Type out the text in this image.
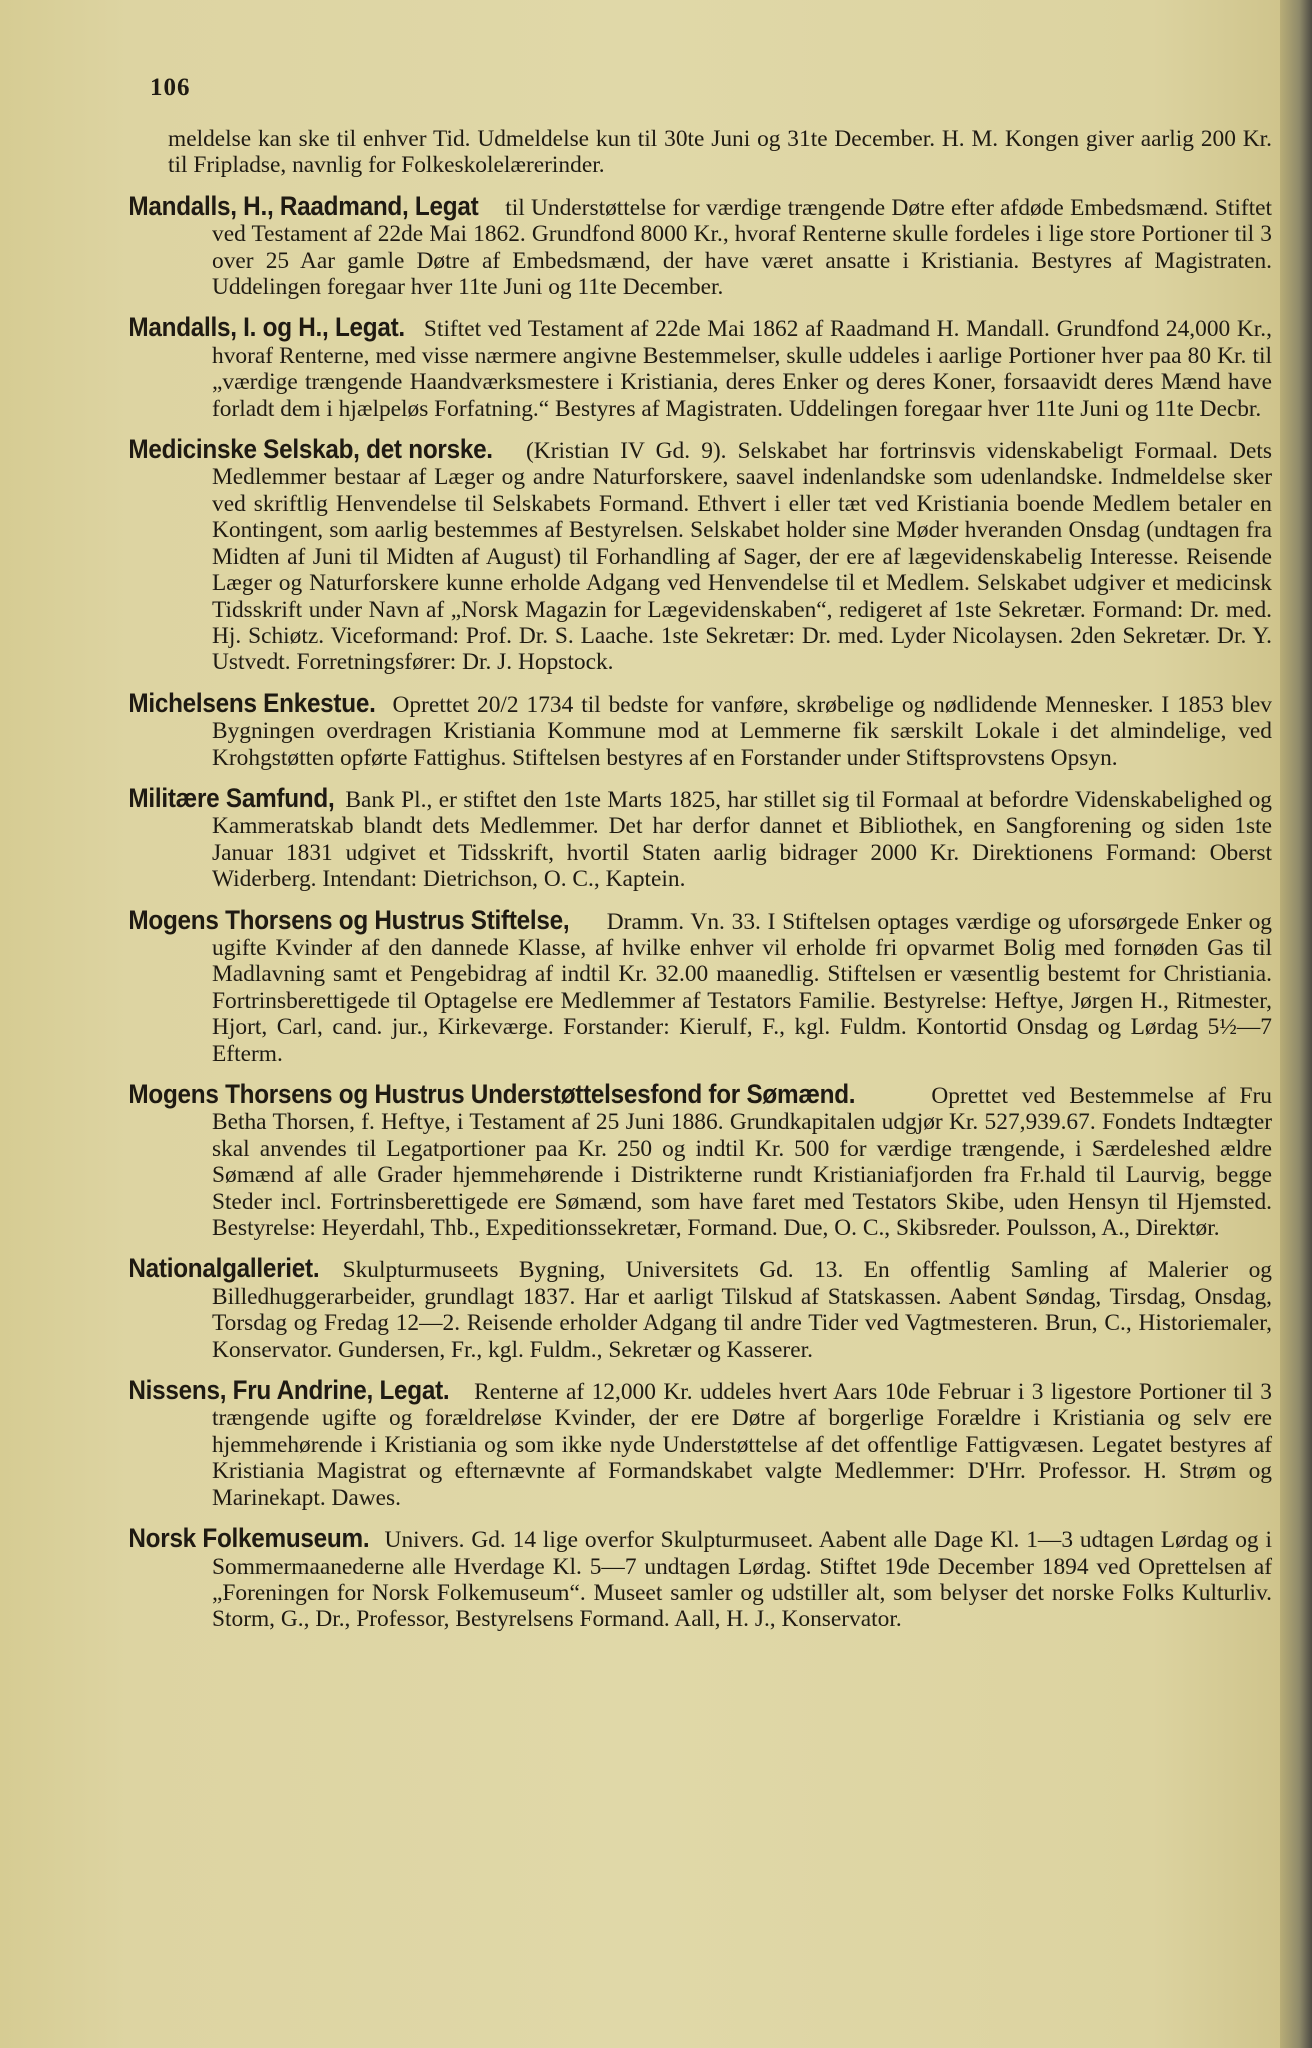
106

meldelse kan ske til enhver Tid. Udmeldelse kun til 30te Juni og 31te December. H. M. Kongen giver aarlig 200 Kr. til Fripladse, navnlig for Folkeskolelærerinder.

Mandalls, H., Raadmand, Legat til Understøttelse for værdige trængende Døtre efter afdøde Embedsmænd. Stiftet ved Testament af 22de Mai 1862. Grundfond 8000 Kr., hvoraf Renterne skulle fordeles i lige store Portioner til 3 over 25 Aar gamle Døtre af Embedsmænd, der have været ansatte i Kristiania. Bestyres af Magistraten. Uddelingen foregaar hver 11te Juni og 11te December.

Mandalls, I. og H., Legat. Stiftet ved Testament af 22de Mai 1862 af Raadmand H. Mandall. Grundfond 24,000 Kr., hvoraf Renterne, med visse nærmere angivne Bestemmelser, skulle uddeles i aarlige Portioner hver paa 80 Kr. til „værdige trængende Haandværksmestere i Kristiania, deres Enker og deres Koner, forsaavidt deres Mænd have forladt dem i hjælpeløs Forfatning.“ Bestyres af Magistraten. Uddelingen foregaar hver 11te Juni og 11te Decbr.

Medicinske Selskab, det norske. (Kristian IV Gd. 9). Selskabet har fortrinsvis videnskabeligt Formaal. Dets Medlemmer bestaar af Læger og andre Naturforskere, saavel indenlandske som udenlandske. Indmeldelse sker ved skriftlig Henvendelse til Selskabets Formand. Ethvert i eller tæt ved Kristiania boende Medlem betaler en Kontingent, som aarlig bestemmes af Bestyrelsen. Selskabet holder sine Møder hveranden Onsdag (undtagen fra Midten af Juni til Midten af August) til Forhandling af Sager, der ere af lægevidenskabelig Interesse. Reisende Læger og Naturforskere kunne erholde Adgang ved Henvendelse til et Medlem. Selskabet udgiver et medicinsk Tidsskrift under Navn af „Norsk Magazin for Lægevidenskaben“, redigeret af 1ste Sekretær. Formand: Dr. med. Hj. Schiøtz. Viceformand: Prof. Dr. S. Laache. 1ste Sekretær: Dr. med. Lyder Nicolaysen. 2den Sekretær. Dr. Y. Ustvedt. Forretningsfører: Dr. J. Hopstock.

Michelsens Enkestue. Oprettet 20/2 1734 til bedste for vanføre, skrøbelige og nødlidende Mennesker. I 1853 blev Bygningen overdragen Kristiania Kommune mod at Lemmerne fik særskilt Lokale i det almindelige, ved Krohgstøtten opførte Fattighus. Stiftelsen bestyres af en Forstander under Stiftsprovstens Opsyn.

Militære Samfund, Bank Pl., er stiftet den 1ste Marts 1825, har stillet sig til Formaal at befordre Videnskabelighed og Kammeratskab blandt dets Medlemmer. Det har derfor dannet et Bibliothek, en Sangforening og siden 1ste Januar 1831 udgivet et Tidsskrift, hvortil Staten aarlig bidrager 2000 Kr. Direktionens Formand: Oberst Widerberg. Intendant: Dietrichson, O. C., Kaptein.

Mogens Thorsens og Hustrus Stiftelse, Dramm. Vn. 33. I Stiftelsen optages værdige og uforsørgede Enker og ugifte Kvinder af den dannede Klasse, af hvilke enhver vil erholde fri opvarmet Bolig med fornøden Gas til Madlavning samt et Pengebidrag af indtil Kr. 32.00 maanedlig. Stiftelsen er væsentlig bestemt for Christiania. Fortrinsberettigede til Optagelse ere Medlemmer af Testators Familie. Bestyrelse: Heftye, Jørgen H., Ritmester, Hjort, Carl, cand. jur., Kirkeværge. Forstander: Kierulf, F., kgl. Fuldm. Kontortid Onsdag og Lørdag 5½—7 Efterm.

Mogens Thorsens og Hustrus Understøttelsesfond for Sømænd.	Oprettet ved Bestemmelse af Fru Betha Thorsen, f. Heftye, i Testament af 25 Juni 1886. Grundkapitalen udgjør Kr. 527,939.67. Fondets Indtægter skal anvendes til Legatportioner paa Kr. 250 og indtil Kr. 500 for værdige trængende, i Særdeleshed ældre Sømænd af alle Grader hjemmehørende i Distrikterne rundt Kristianiafjorden fra Fr.hald til Laurvig, begge Steder incl. Fortrinsberettigede ere Sømænd, som have faret med Testators Skibe, uden Hensyn til Hjemsted. Bestyrelse: Heyerdahl, Thb., Expeditionssekretær, Formand. Due, O. C., Skibsreder. Poulsson, A., Direktør.

Nationalgalleriet. Skulpturmuseets Bygning, Universitets Gd. 13. En offentlig Samling af Malerier og Billedhuggerarbeider, grundlagt 1837. Har et aarligt Tilskud af Statskassen. Aabent Søndag, Tirsdag, Onsdag, Torsdag og Fredag 12—2. Reisende erholder Adgang til andre Tider ved Vagtmesteren. Brun, C., Historiemaler, Konservator. Gundersen, Fr., kgl. Fuldm., Sekretær og Kasserer.

Nissens, Fru Andrine, Legat. Renterne af 12,000 Kr. uddeles hvert Aars 10de Februar i 3 ligestore Portioner til 3 trængende ugifte og forældreløse Kvinder, der ere Døtre af borgerlige Forældre i Kristiania og selv ere hjemmehørende i Kristiania og som ikke nyde Understøttelse af det offentlige Fattigvæsen. Legatet bestyres af Kristiania Magistrat og efternævnte af Formandskabet valgte Medlemmer: D'Hrr. Professor. H. Strøm og Marinekapt. Dawes.

Norsk Folkemuseum. Univers. Gd. 14 lige overfor Skulpturmuseet. Aabent alle Dage Kl. 1—3 udtagen Lørdag og i Sommermaanederne alle Hverdage Kl. 5—7 undtagen Lørdag. Stiftet 19de December 1894 ved Oprettelsen af „Foreningen for Norsk Folkemuseum“. Museet samler og udstiller alt, som belyser det norske Folks Kulturliv. Storm, G., Dr., Professor, Bestyrelsens Formand. Aall, H. J., Konservator.
